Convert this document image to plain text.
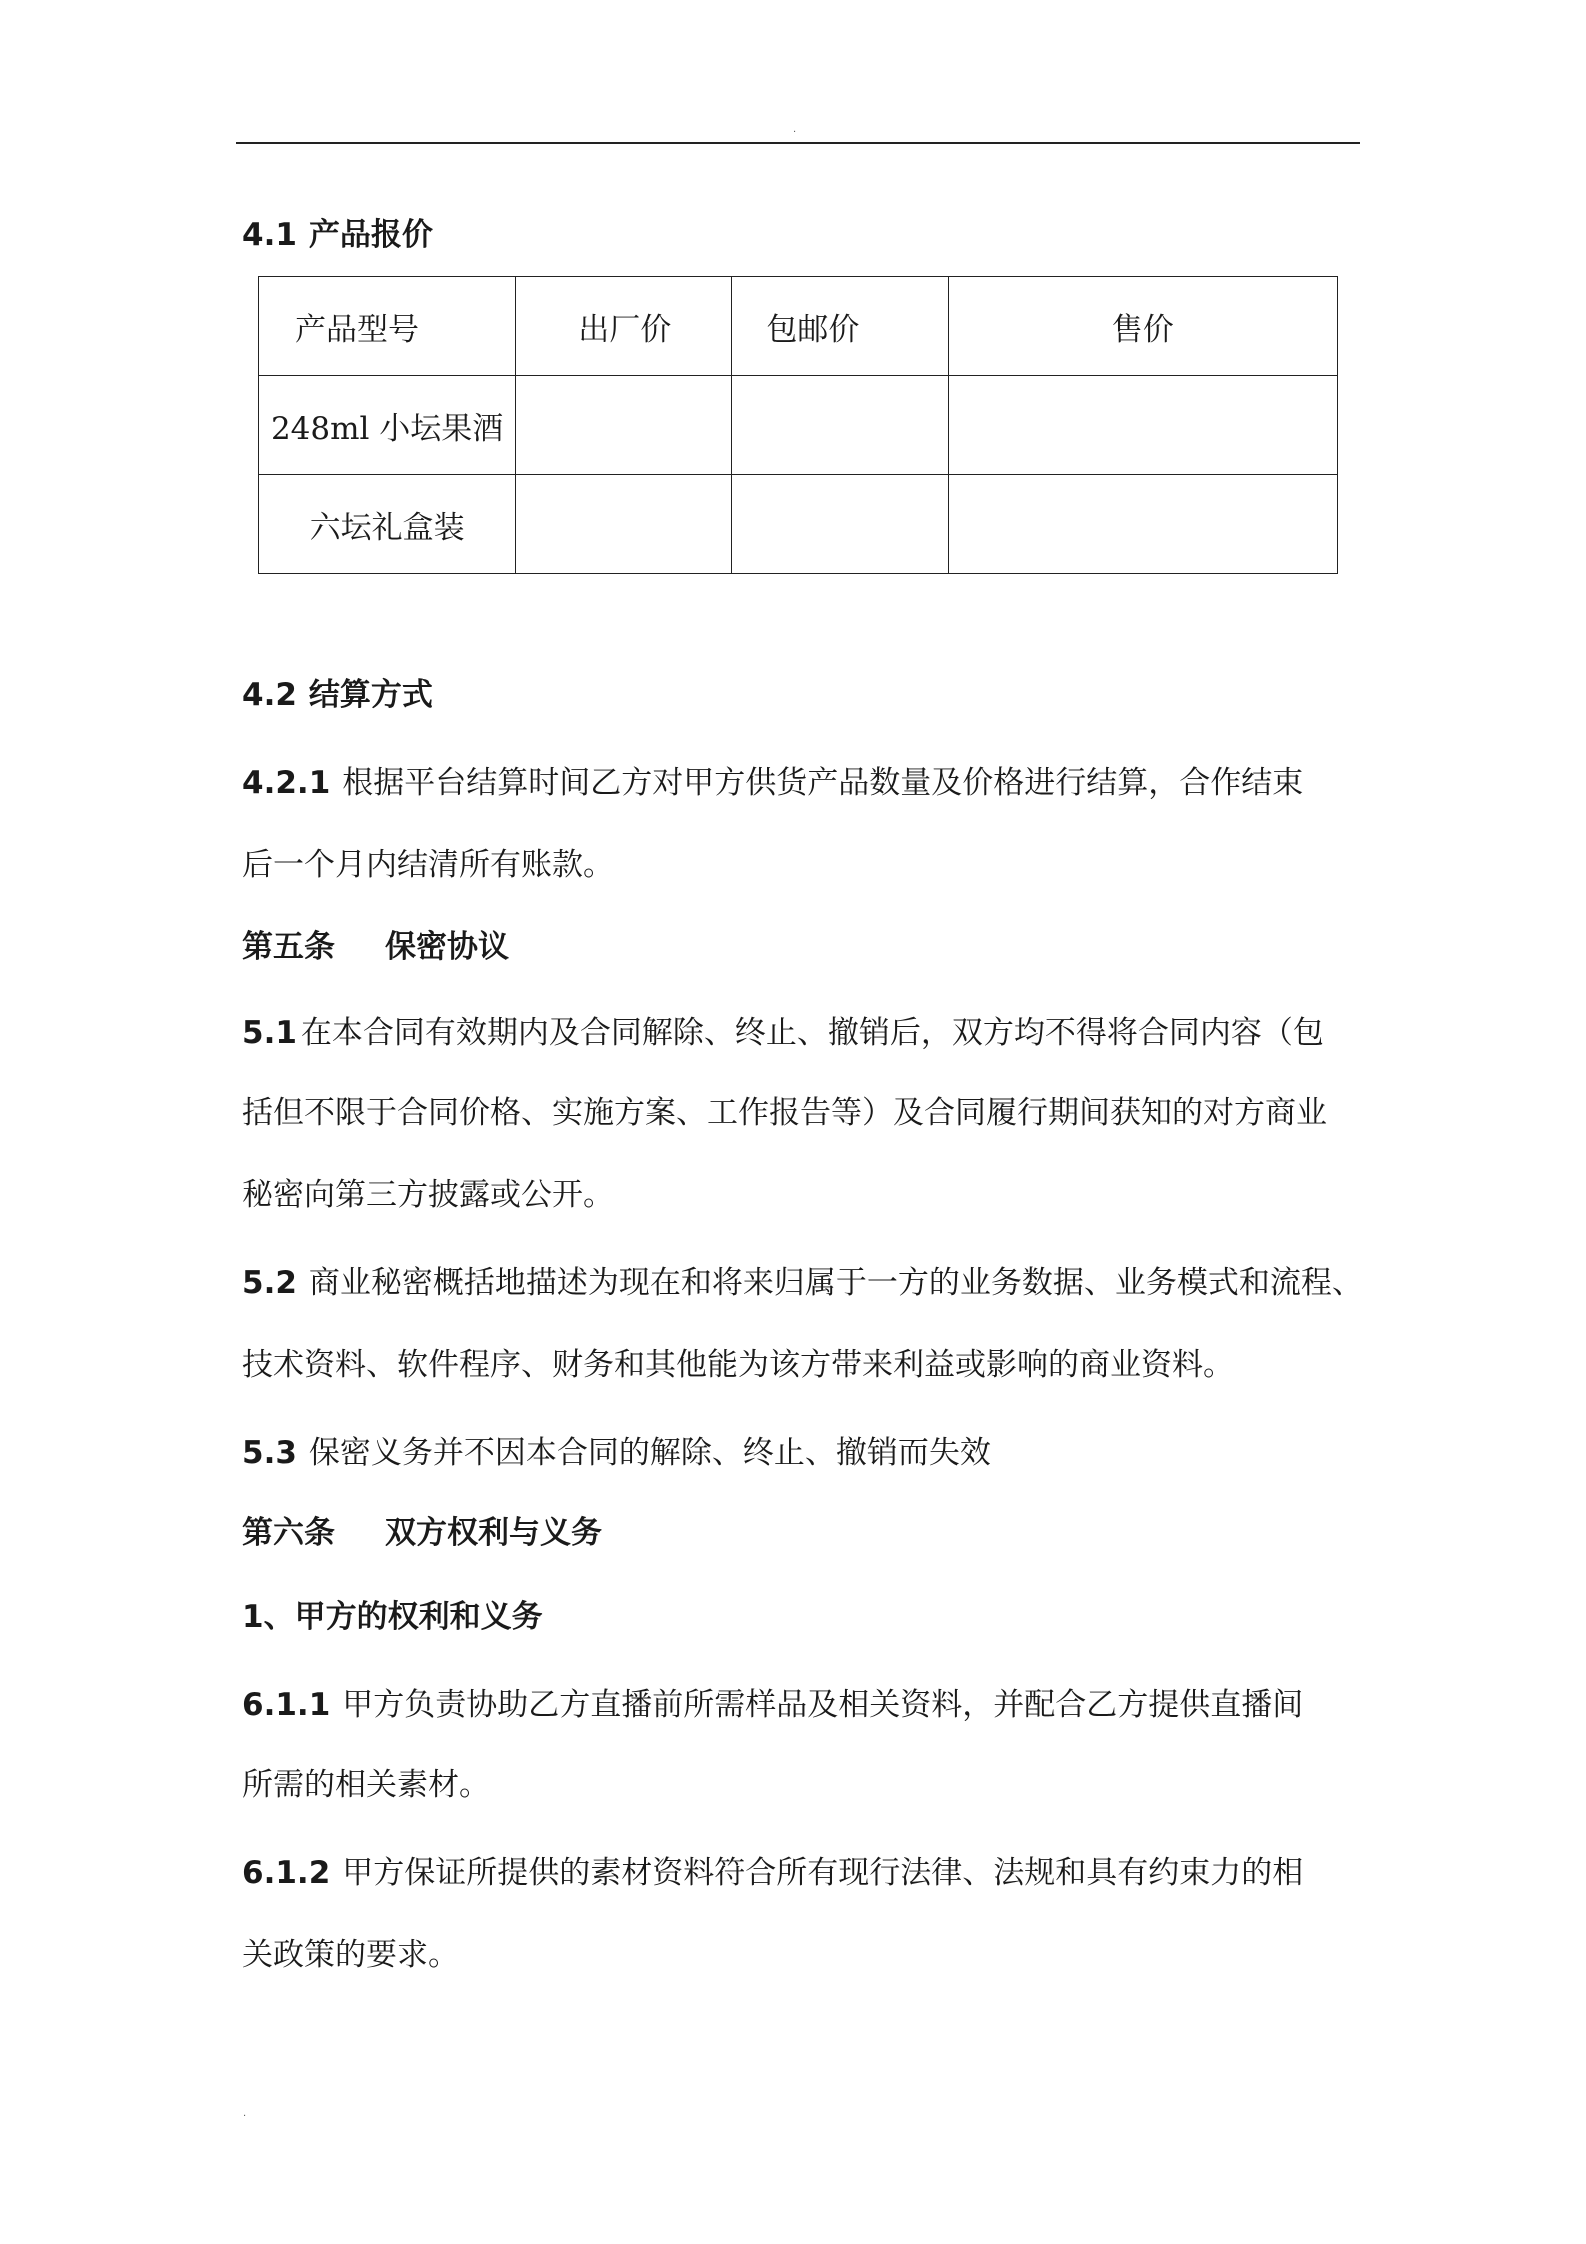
.
4.1 产品报价
产品型号	出厂价	包邮价	售价
248ml 小坛果酒			
六坛礼盒装			
4.2 结算方式
4.2.1 根据平台结算时间乙方对甲方供货产品数量及价格进行结算，合作结束
后一个月内结清所有账款。
第五条 保密协议
5.1 在本合同有效期内及合同解除、终止、撤销后，双方均不得将合同内容（包
括但不限于合同价格、实施方案、工作报告等）及合同履行期间获知的对方商业
秘密向第三方披露或公开。
5.2 商业秘密概括地描述为现在和将来归属于一方的业务数据、业务模式和流程、
技术资料、软件程序、财务和其他能为该方带来利益或影响的商业资料。
5.3 保密义务并不因本合同的解除、终止、撤销而失效
第六条 双方权利与义务
1、甲方的权利和义务
6.1.1 甲方负责协助乙方直播前所需样品及相关资料，并配合乙方提供直播间
所需的相关素材。
6.1.2 甲方保证所提供的素材资料符合所有现行法律、法规和具有约束力的相
关政策的要求。
.
